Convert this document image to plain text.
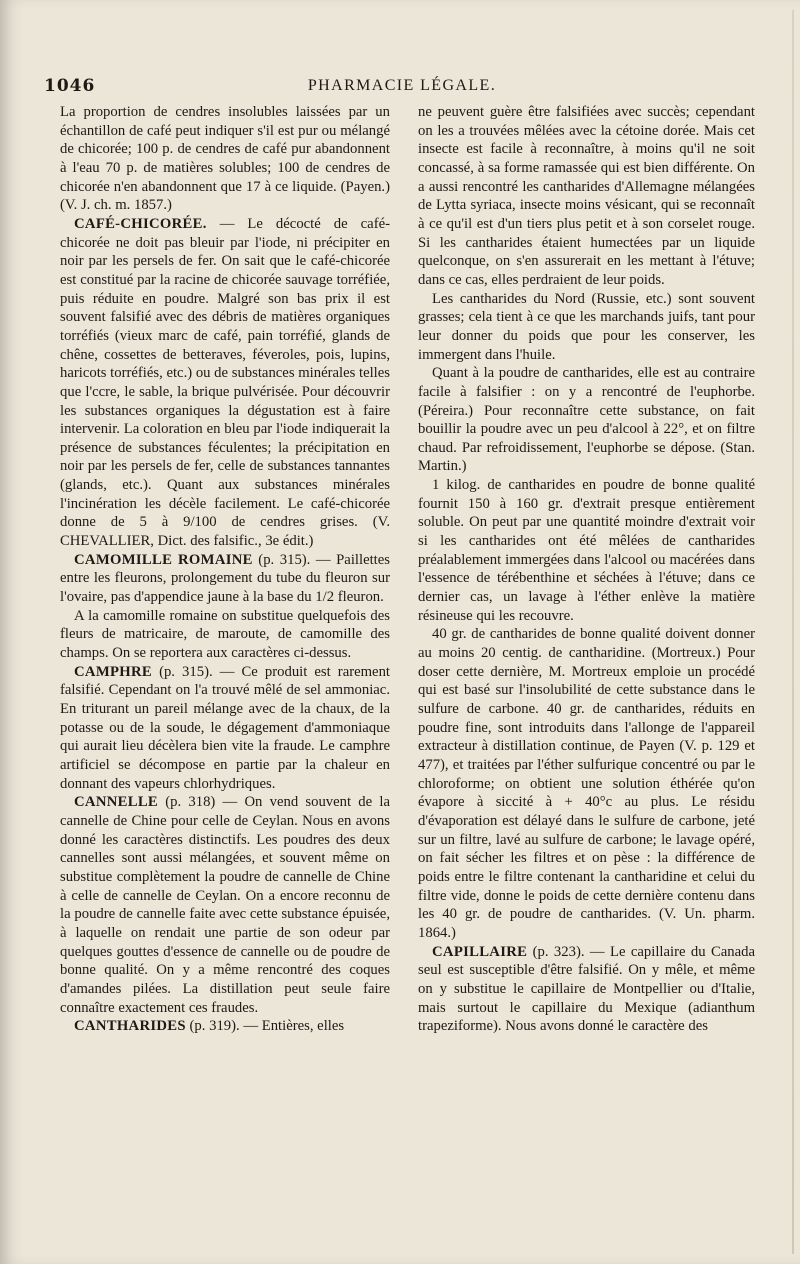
1046	PHARMACIE LÉGALE.

La proportion de cendres insolubles laissées par un échantillon de café peut indiquer s'il est pur ou mélangé de chicorée; 100 p. de cendres de café pur abandonnent à l'eau 70 p. de matières solubles; 100 de cendres de chicorée n'en abandonnent que 17 à ce liquide. (Payen.) (V. J. ch. m. 1857.)

CAFÉ-CHICORÉE. — Le décocté de café-chicorée ne doit pas bleuir par l'iode, ni précipiter en noir par les persels de fer. On sait que le café-chicorée est constitué par la racine de chicorée sauvage torréfiée, puis réduite en poudre. Malgré son bas prix il est souvent falsifié avec des débris de matières organiques torréfiés (vieux marc de café, pain torréfié, glands de chêne, cossettes de betteraves, féveroles, pois, lupins, haricots torréfiés, etc.) ou de substances minérales telles que l'ccre, le sable, la brique pulvérisée. Pour découvrir les substances organiques la dégustation est à faire intervenir. La coloration en bleu par l'iode indiquerait la présence de substances féculentes; la précipitation en noir par les persels de fer, celle de substances tannantes (glands, etc.). Quant aux substances minérales l'incinération les décèle facilement. Le café-chicorée donne de 5 à 9/100 de cendres grises. (V. CHEVALLIER, Dict. des falsific., 3e édit.)

CAMOMILLE ROMAINE (p. 315). — Paillettes entre les fleurons, prolongement du tube du fleuron sur l'ovaire, pas d'appendice jaune à la base du 1/2 fleuron.

A la camomille romaine on substitue quelquefois des fleurs de matricaire, de maroute, de camomille des champs. On se reportera aux caractères ci-dessus.

CAMPHRE (p. 315). — Ce produit est rarement falsifié. Cependant on l'a trouvé mêlé de sel ammoniac. En triturant un pareil mélange avec de la chaux, de la potasse ou de la soude, le dégagement d'ammoniaque qui aurait lieu décèlera bien vite la fraude. Le camphre artificiel se décompose en partie par la chaleur en donnant des vapeurs chlorhydriques.

CANNELLE (p. 318) — On vend souvent de la cannelle de Chine pour celle de Ceylan. Nous en avons donné les caractères distinctifs. Les poudres des deux cannelles sont aussi mélangées, et souvent même on substitue complètement la poudre de cannelle de Chine à celle de cannelle de Ceylan. On a encore reconnu de la poudre de cannelle faite avec cette substance épuisée, à laquelle on rendait une partie de son odeur par quelques gouttes d'essence de cannelle ou de poudre de bonne qualité. On y a même rencontré des coques d'amandes pilées. La distillation peut seule faire connaître exactement ces fraudes.

CANTHARIDES (p. 319). — Entières, elles

ne peuvent guère être falsifiées avec succès; cependant on les a trouvées mêlées avec la cétoine dorée. Mais cet insecte est facile à reconnaître, à moins qu'il ne soit concassé, à sa forme ramassée qui est bien différente. On a aussi rencontré les cantharides d'Allemagne mélangées de Lytta syriaca, insecte moins vésicant, qui se reconnaît à ce qu'il est d'un tiers plus petit et à son corselet rouge. Si les cantharides étaient humectées par un liquide quelconque, on s'en assurerait en les mettant à l'étuve; dans ce cas, elles perdraient de leur poids.

Les cantharides du Nord (Russie, etc.) sont souvent grasses; cela tient à ce que les marchands juifs, tant pour leur donner du poids que pour les conserver, les immergent dans l'huile.

Quant à la poudre de cantharides, elle est au contraire facile à falsifier : on y a rencontré de l'euphorbe. (Péreira.) Pour reconnaître cette substance, on fait bouillir la poudre avec un peu d'alcool à 22°, et on filtre chaud. Par refroidissement, l'euphorbe se dépose. (Stan. Martin.)

1 kilog. de cantharides en poudre de bonne qualité fournit 150 à 160 gr. d'extrait presque entièrement soluble. On peut par une quantité moindre d'extrait voir si les cantharides ont été mêlées de cantharides préalablement immergées dans l'alcool ou macérées dans l'essence de térébenthine et séchées à l'étuve; dans ce dernier cas, un lavage à l'éther enlève la matière résineuse qui les recouvre.

40 gr. de cantharides de bonne qualité doivent donner au moins 20 centig. de cantharidine. (Mortreux.) Pour doser cette dernière, M. Mortreux emploie un procédé qui est basé sur l'insolubilité de cette substance dans le sulfure de carbone. 40 gr. de cantharides, réduits en poudre fine, sont introduits dans l'allonge de l'appareil extracteur à distillation continue, de Payen (V. p. 129 et 477), et traitées par l'éther sulfurique concentré ou par le chloroforme; on obtient une solution éthérée qu'on évapore à siccité à + 40°c au plus. Le résidu d'évaporation est délayé dans le sulfure de carbone, jeté sur un filtre, lavé au sulfure de carbone; le lavage opéré, on fait sécher les filtres et on pèse : la différence de poids entre le filtre contenant la cantharidine et celui du filtre vide, donne le poids de cette dernière contenu dans les 40 gr. de poudre de cantharides. (V. Un. pharm. 1864.)

CAPILLAIRE (p. 323). — Le capillaire du Canada seul est susceptible d'être falsifié. On y mêle, et même on y substitue le capillaire de Montpellier ou d'Italie, mais surtout le capillaire du Mexique (adianthum trapeziforme). Nous avons donné le caractère des
